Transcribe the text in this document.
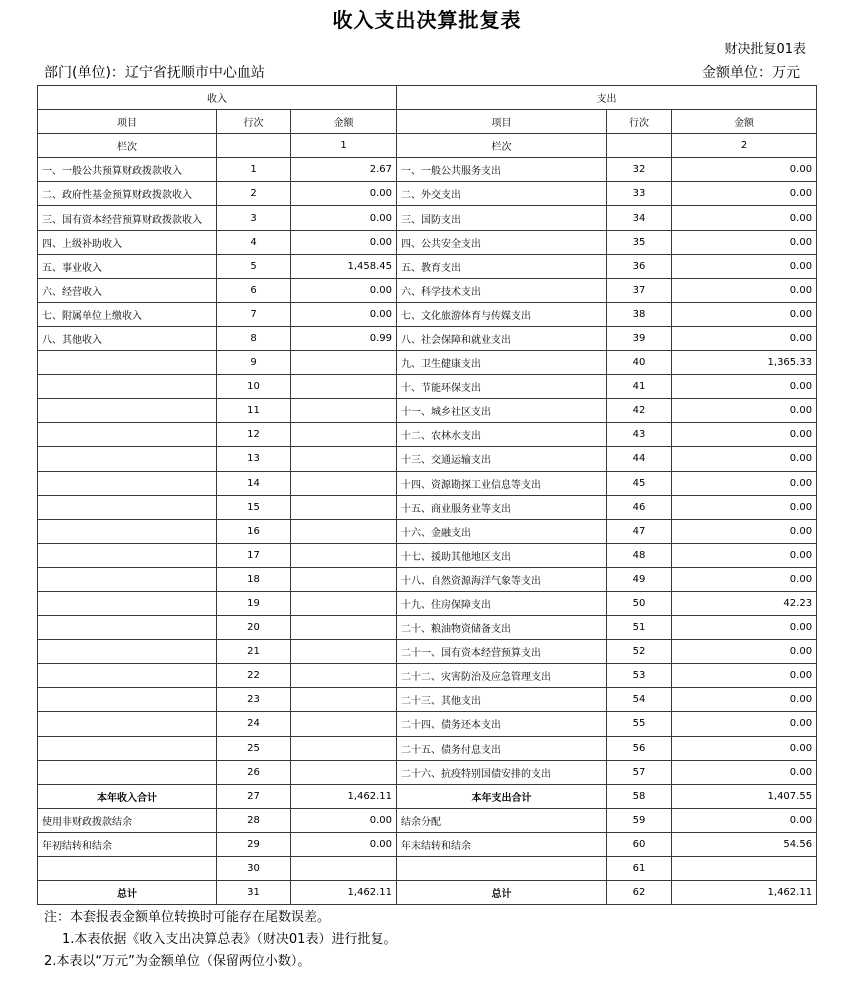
收入支出决算批复表
财决批复01表
部门(单位)：辽宁省抚顺市中心血站	金额单位：万元
收入			支出		
项目	行次	金额	项目	行次	金额
栏次		1	栏次		2
一、一般公共预算财政拨款收入	1	2.67	一、一般公共服务支出	32	0.00
二、政府性基金预算财政拨款收入	2	0.00	二、外交支出	33	0.00
三、国有资本经营预算财政拨款收入	3	0.00	三、国防支出	34	0.00
四、上级补助收入	4	0.00	四、公共安全支出	35	0.00
五、事业收入	5	1,458.45	五、教育支出	36	0.00
六、经营收入	6	0.00	六、科学技术支出	37	0.00
七、附属单位上缴收入	7	0.00	七、文化旅游体育与传媒支出	38	0.00
八、其他收入	8	0.99	八、社会保障和就业支出	39	0.00
	9		九、卫生健康支出	40	1,365.33
	10		十、节能环保支出	41	0.00
	11		十一、城乡社区支出	42	0.00
	12		十二、农林水支出	43	0.00
	13		十三、交通运输支出	44	0.00
	14		十四、资源勘探工业信息等支出	45	0.00
	15		十五、商业服务业等支出	46	0.00
	16		十六、金融支出	47	0.00
	17		十七、援助其他地区支出	48	0.00
	18		十八、自然资源海洋气象等支出	49	0.00
	19		十九、住房保障支出	50	42.23
	20		二十、粮油物资储备支出	51	0.00
	21		二十一、国有资本经营预算支出	52	0.00
	22		二十二、灾害防治及应急管理支出	53	0.00
	23		二十三、其他支出	54	0.00
	24		二十四、债务还本支出	55	0.00
	25		二十五、债务付息支出	56	0.00
	26		二十六、抗疫特别国债安排的支出	57	0.00
本年收入合计	27	1,462.11	本年支出合计	58	1,407.55
使用非财政拨款结余	28	0.00	结余分配	59	0.00
年初结转和结余	29	0.00	年末结转和结余	60	54.56
	30			61	
总计	31	1,462.11	总计	62	1,462.11
注：本套报表金额单位转换时可能存在尾数误差。
1.本表依据《收入支出决算总表》（财决01表）进行批复。
2.本表以“万元”为金额单位（保留两位小数）。
